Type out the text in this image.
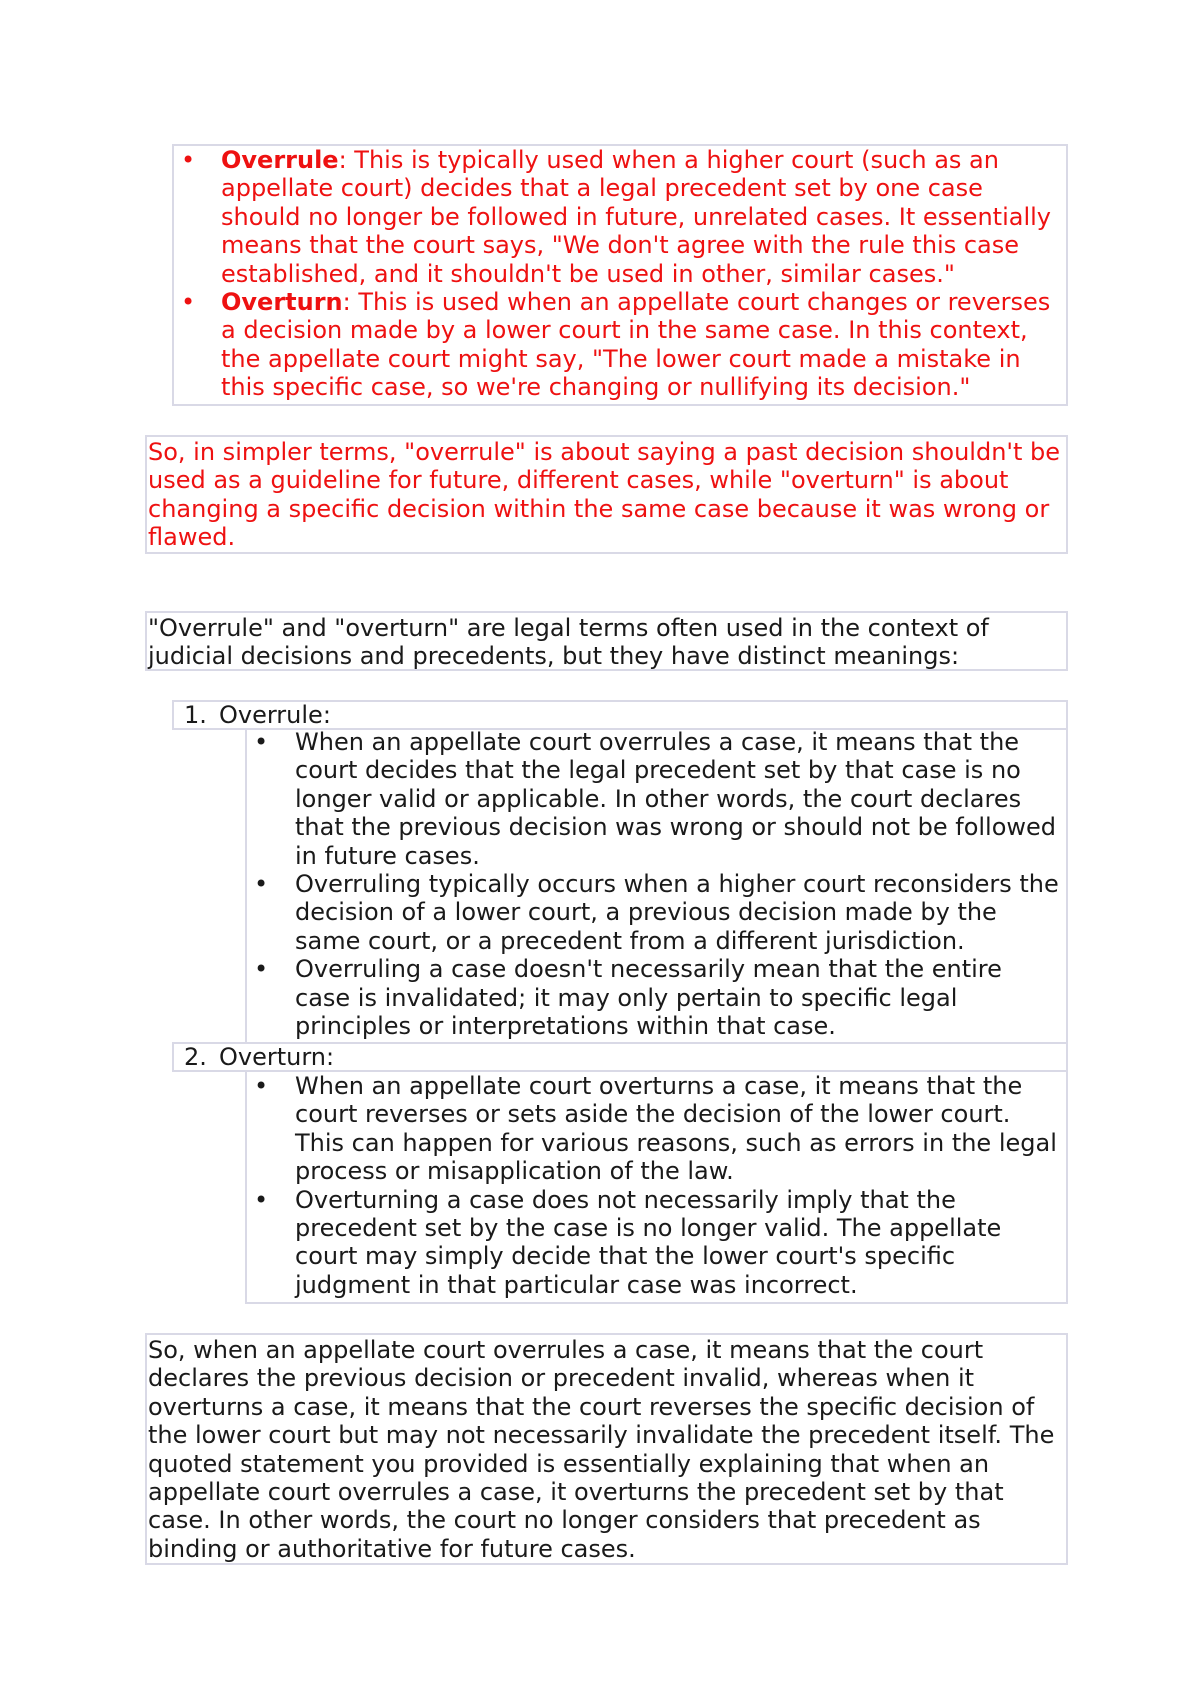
• Overrule: This is typically used when a higher court (such as an appellate court) decides that a legal precedent set by one case should no longer be followed in future, unrelated cases. It essentially means that the court says, "We don't agree with the rule this case established, and it shouldn't be used in other, similar cases."
• Overturn: This is used when an appellate court changes or reverses a decision made by a lower court in the same case. In this context, the appellate court might say, "The lower court made a mistake in this specific case, so we're changing or nullifying its decision."
So, in simpler terms, "overrule" is about saying a past decision shouldn't be used as a guideline for future, different cases, while "overturn" is about changing a specific decision within the same case because it was wrong or flawed.
"Overrule" and "overturn" are legal terms often used in the context of judicial decisions and precedents, but they have distinct meanings:
1. Overrule:
• When an appellate court overrules a case, it means that the court decides that the legal precedent set by that case is no longer valid or applicable. In other words, the court declares that the previous decision was wrong or should not be followed in future cases.
• Overruling typically occurs when a higher court reconsiders the decision of a lower court, a previous decision made by the same court, or a precedent from a different jurisdiction.
• Overruling a case doesn't necessarily mean that the entire case is invalidated; it may only pertain to specific legal principles or interpretations within that case.
2. Overturn:
• When an appellate court overturns a case, it means that the court reverses or sets aside the decision of the lower court. This can happen for various reasons, such as errors in the legal process or misapplication of the law.
• Overturning a case does not necessarily imply that the precedent set by the case is no longer valid. The appellate court may simply decide that the lower court's specific judgment in that particular case was incorrect.
So, when an appellate court overrules a case, it means that the court declares the previous decision or precedent invalid, whereas when it overturns a case, it means that the court reverses the specific decision of the lower court but may not necessarily invalidate the precedent itself. The quoted statement you provided is essentially explaining that when an appellate court overrules a case, it overturns the precedent set by that case. In other words, the court no longer considers that precedent as binding or authoritative for future cases.
